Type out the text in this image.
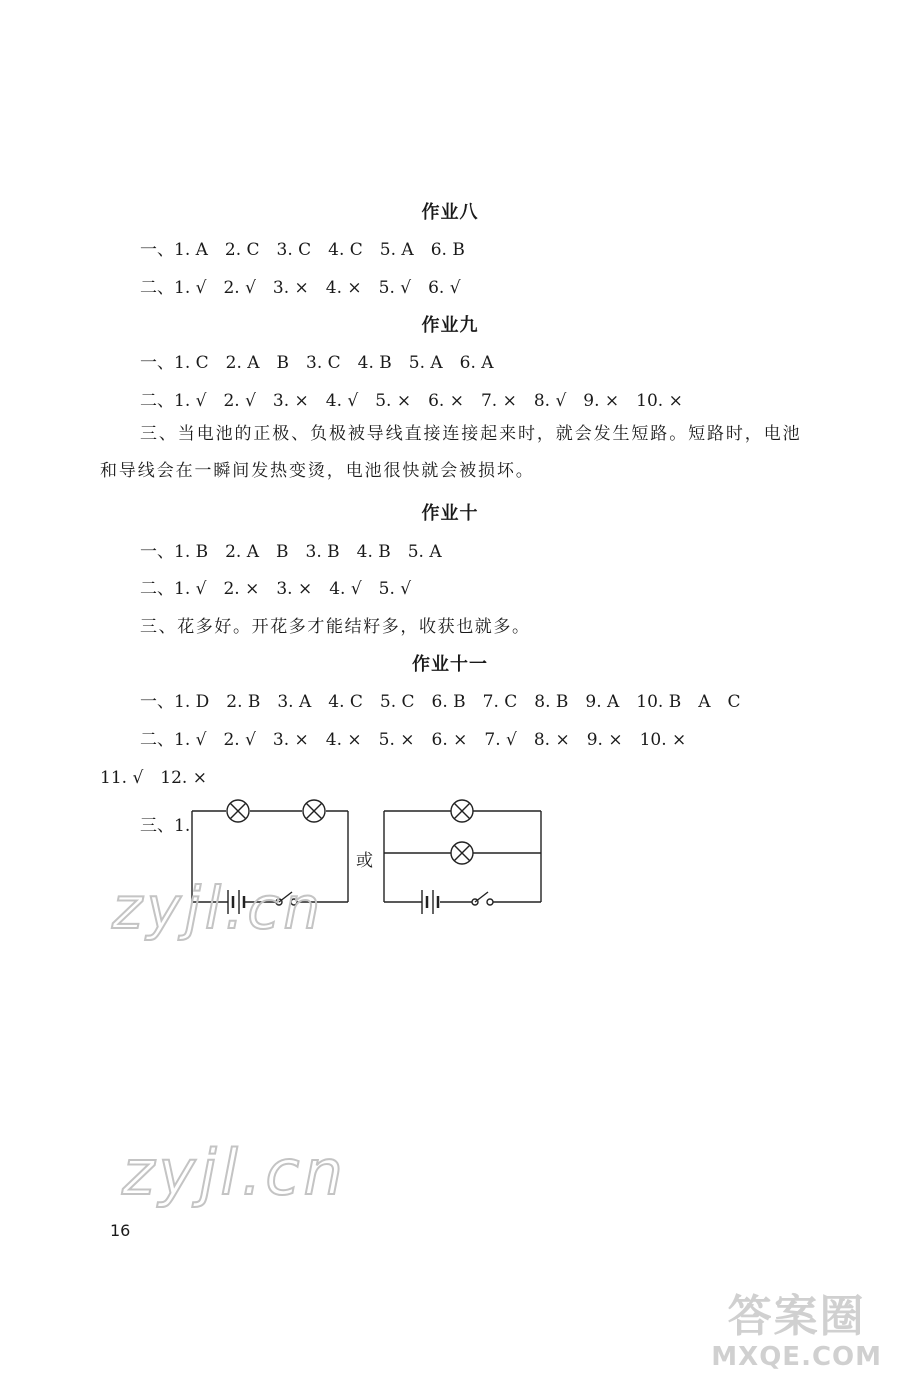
作业八
一、1. A　2. C　3. C　4. C　5. A　6. B
二、1. √　2. √　3. ×　4. ×　5. √　6. √
作业九
一、1. C　2. A　B　3. C　4. B　5. A　6. A
二、1. √　2. √　3. ×　4. √　5. ×　6. ×　7. ×　8. √　9. ×　10. ×
三、当电池的正极、负极被导线直接连接起来时，就会发生短路。短路时，电池和导线会在一瞬间发热变烫，电池很快就会被损坏。
作业十
一、1. B　2. A　B　3. B　4. B　5. A
二、1. √　2. ×　3. ×　4. √　5. √
三、花多好。开花多才能结籽多，收获也就多。
作业十一
一、1. D　2. B　3. A　4. C　5. C　6. B　7. C　8. B　9. A　10. B　A　C
二、1. √　2. √　3. ×　4. ×　5. ×　6. ×　7. √　8. ×　9. ×　10. ×
11. √　12. ×
三、1.
或
zyjl.cn
zyjl.cn
16
答案圈
MXQE.COM
